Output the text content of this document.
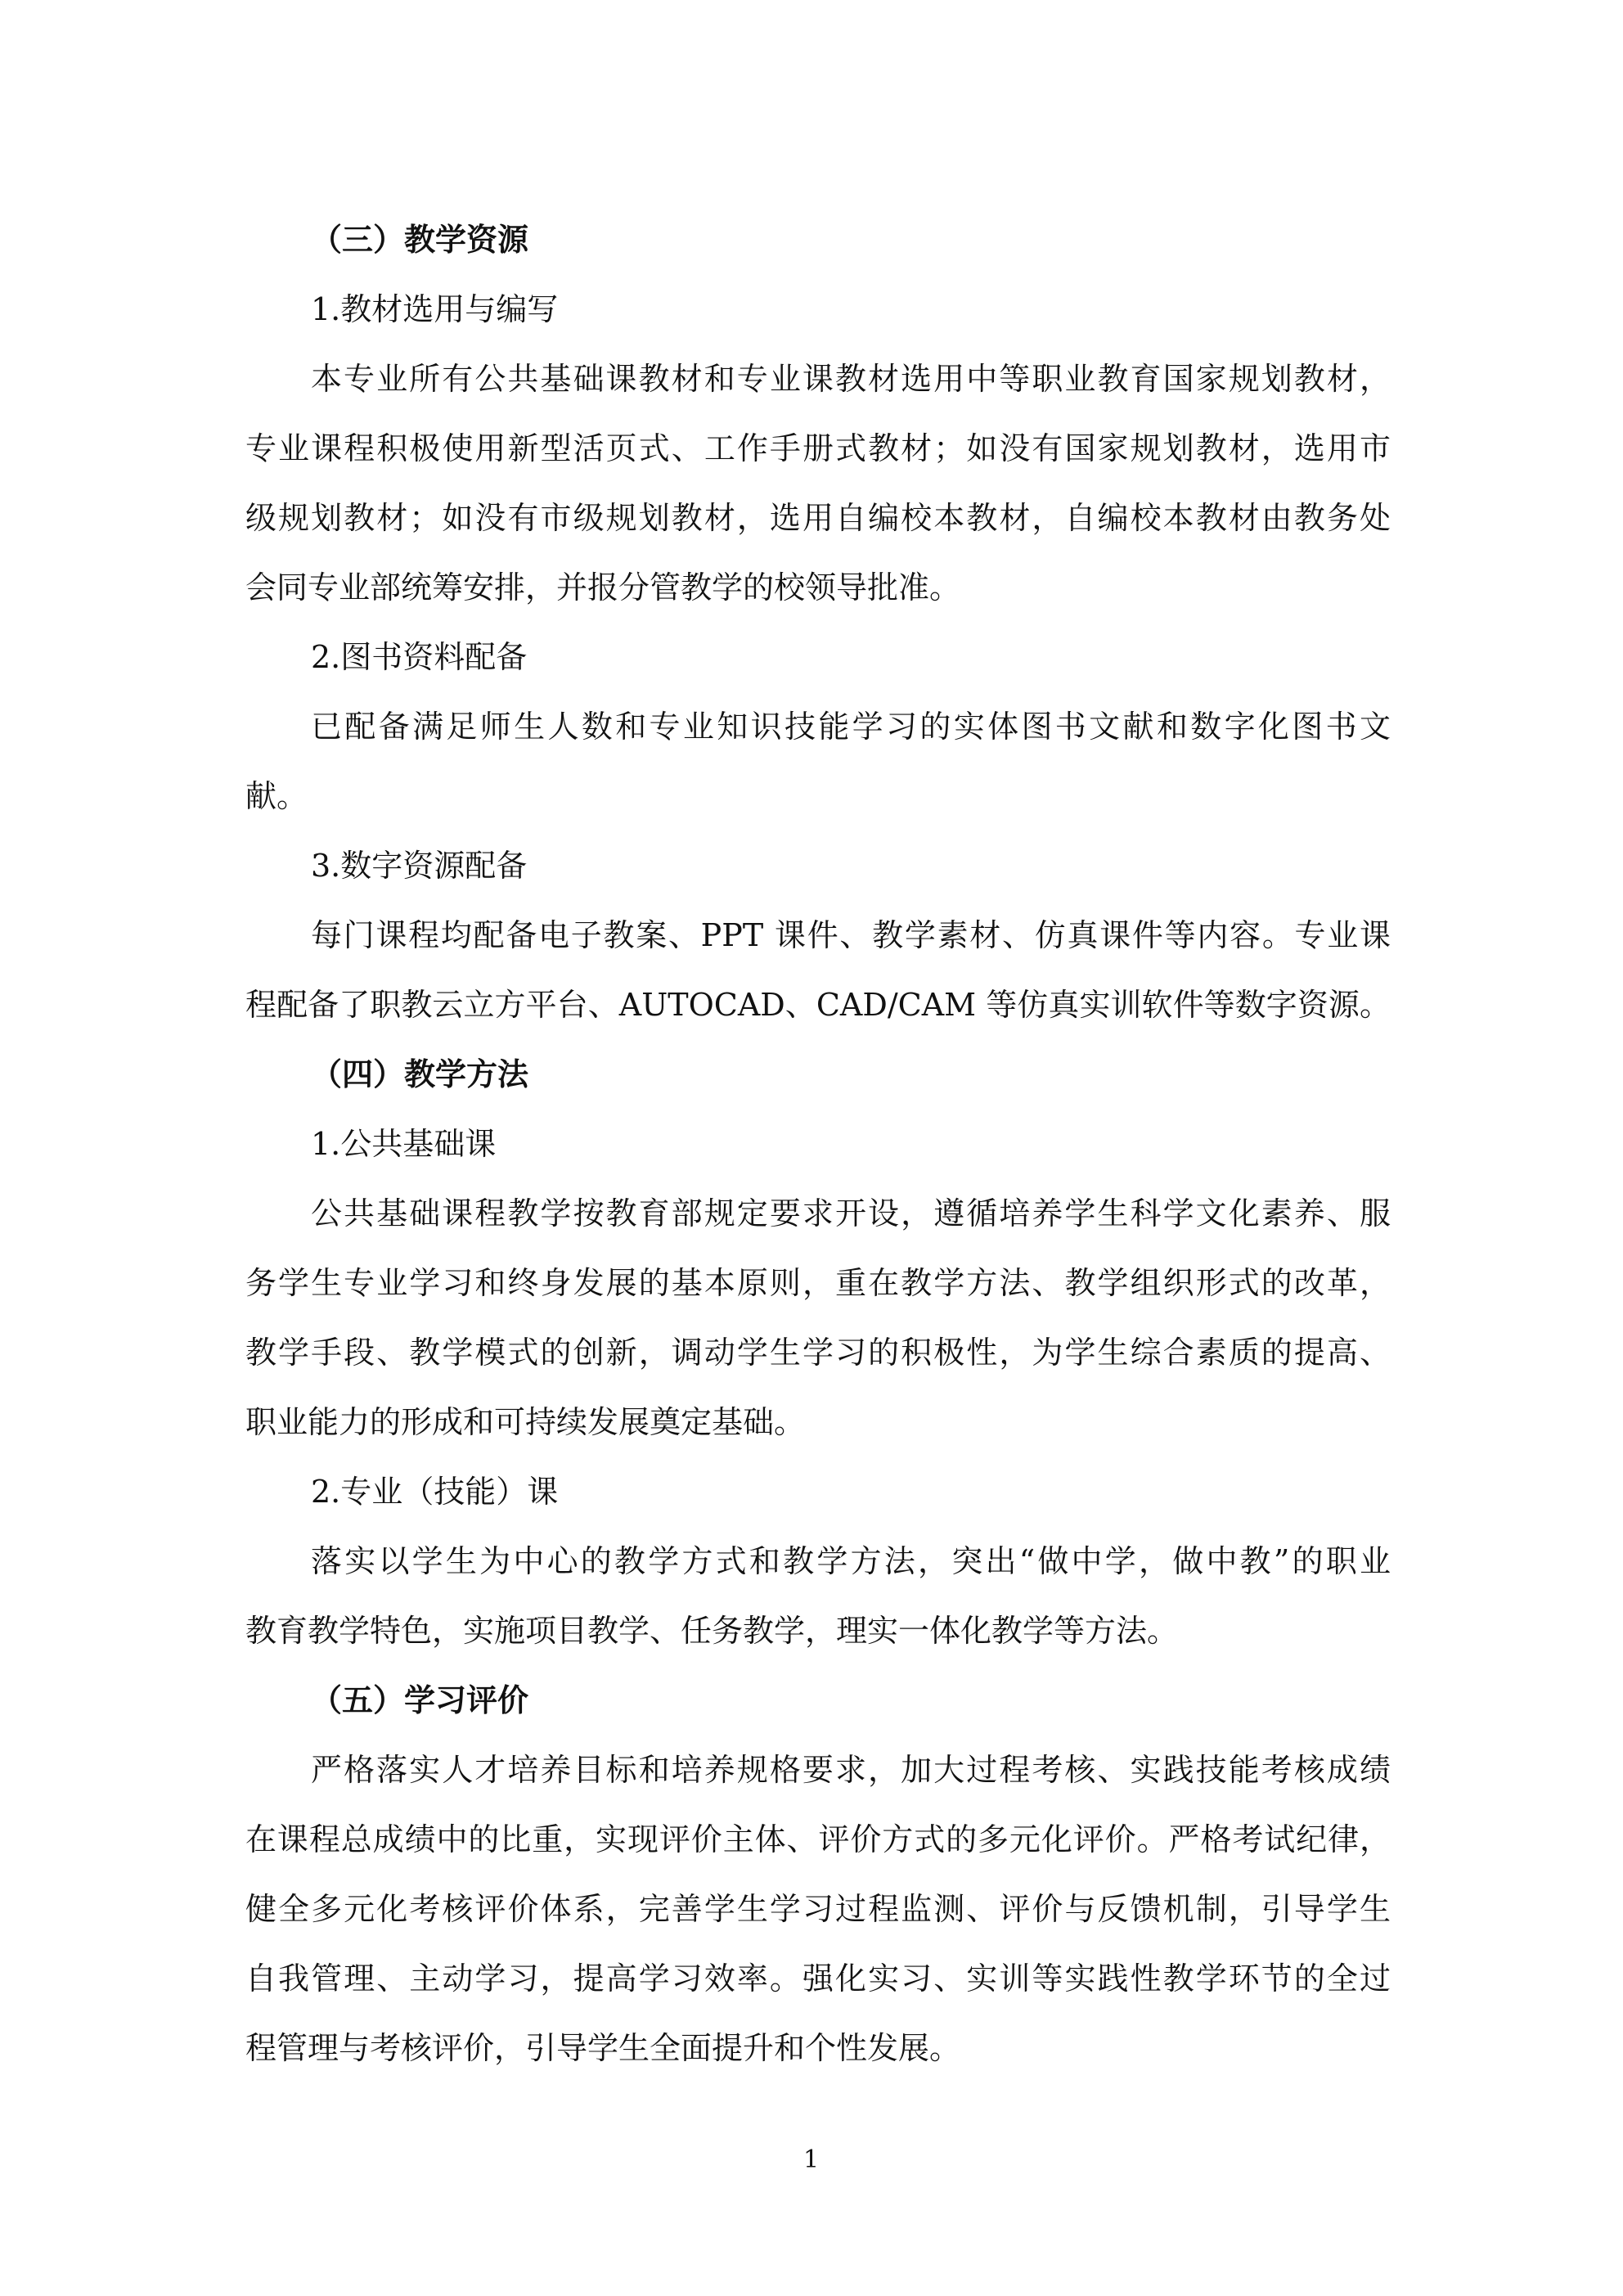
（三）教学资源
1.教材选用与编写
本专业所有公共基础课教材和专业课教材选用中等职业教育国家规划教材，
专业课程积极使用新型活页式、工作手册式教材；如没有国家规划教材，选用市
级规划教材；如没有市级规划教材，选用自编校本教材，自编校本教材由教务处
会同专业部统筹安排，并报分管教学的校领导批准。
2.图书资料配备
已配备满足师生人数和专业知识技能学习的实体图书文献和数字化图书文
献。
3.数字资源配备
每门课程均配备电子教案、PPT 课件、教学素材、仿真课件等内容。专业课
程配备了职教云立方平台、AUTOCAD、CAD/CAM 等仿真实训软件等数字资源。
（四）教学方法
1.公共基础课
公共基础课程教学按教育部规定要求开设，遵循培养学生科学文化素养、服
务学生专业学习和终身发展的基本原则，重在教学方法、教学组织形式的改革，
教学手段、教学模式的创新，调动学生学习的积极性，为学生综合素质的提高、
职业能力的形成和可持续发展奠定基础。
2.专业（技能）课
落实以学生为中心的教学方式和教学方法，突出“做中学，做中教”的职业
教育教学特色，实施项目教学、任务教学，理实一体化教学等方法。
（五）学习评价
严格落实人才培养目标和培养规格要求，加大过程考核、实践技能考核成绩
在课程总成绩中的比重，实现评价主体、评价方式的多元化评价。严格考试纪律，
健全多元化考核评价体系，完善学生学习过程监测、评价与反馈机制，引导学生
自我管理、主动学习，提高学习效率。强化实习、实训等实践性教学环节的全过
程管理与考核评价，引导学生全面提升和个性发展。
1
